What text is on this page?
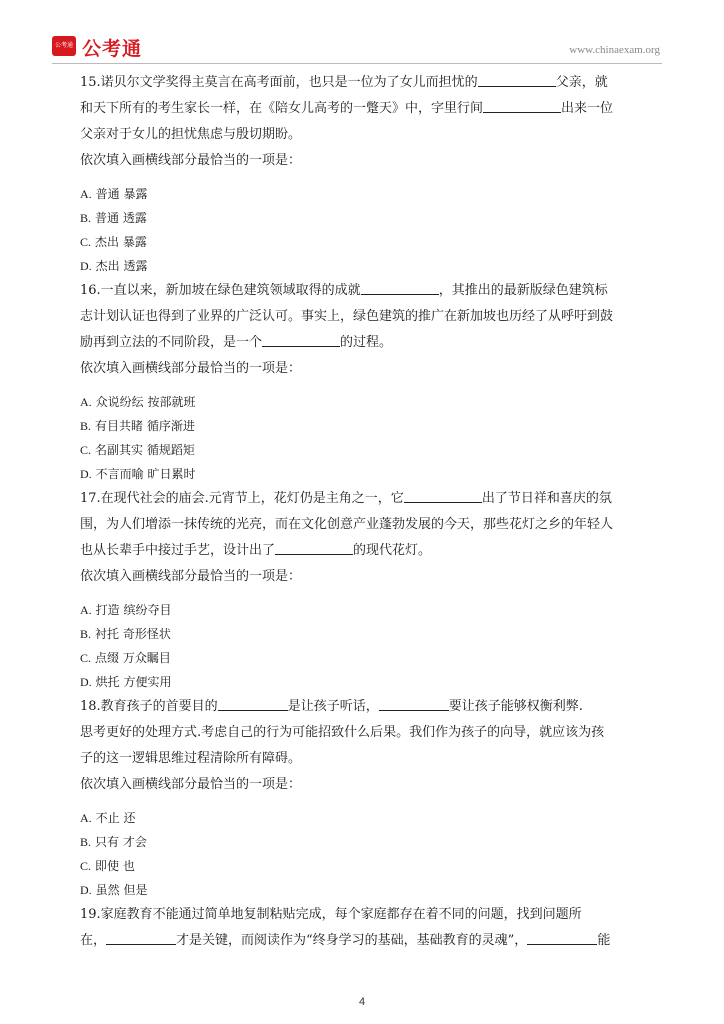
公考通 公考通	www.chinaexam.org
15.诺贝尔文学奖得主莫言在高考面前，也只是一位为了女儿而担忧的	父亲，就
和天下所有的考生家长一样，在《陪女儿高考的一蹩天》中，字里行间	出来一位
父亲对于女儿的担忧焦虑与殷切期盼。
依次填入画横线部分最恰当的一项是：
A. 普通 暴露
B. 普通 透露
C. 杰出 暴露
D. 杰出 透露
16.一直以来，新加坡在绿色建筑领域取得的成就	，其推出的最新版绿色建筑标
志计划认证也得到了业界的广泛认可。事实上，绿色建筑的推广在新加坡也历经了从呼吁到鼓
励再到立法的不同阶段，是一个	的过程。
依次填入画横线部分最恰当的一项是：
A. 众说纷纭 按部就班
B. 有目共睹 循序渐进
C. 名副其实 循规蹈矩
D. 不言而喻 旷日累时
17.在现代社会的庙会.元宵节上，花灯仍是主角之一，它	出了节日祥和喜庆的氛
围，为人们增添一抹传统的光亮，而在文化创意产业蓬勃发展的今天，那些花灯之乡的年轻人
也从长辈手中接过手艺，设计出了	的现代花灯。
依次填入画横线部分最恰当的一项是：
A. 打造 缤纷夺目
B. 衬托 奇形怪状
C. 点缀 万众瞩目
D. 烘托 方便实用
18.教育孩子的首要目的	是让孩子听话，	要让孩子能够权衡利弊.
思考更好的处理方式.考虑自己的行为可能招致什么后果。我们作为孩子的向导，就应该为孩
子的这一逻辑思维过程清除所有障碍。
依次填入画横线部分最恰当的一项是：
A. 不止 还
B. 只有 才会
C. 即使 也
D. 虽然 但是
19.家庭教育不能通过简单地复制粘贴完成，每个家庭都存在着不同的问题，找到问题所
在，	才是关键，而阅读作为“终身学习的基础，基础教育的灵魂”，	能
4
